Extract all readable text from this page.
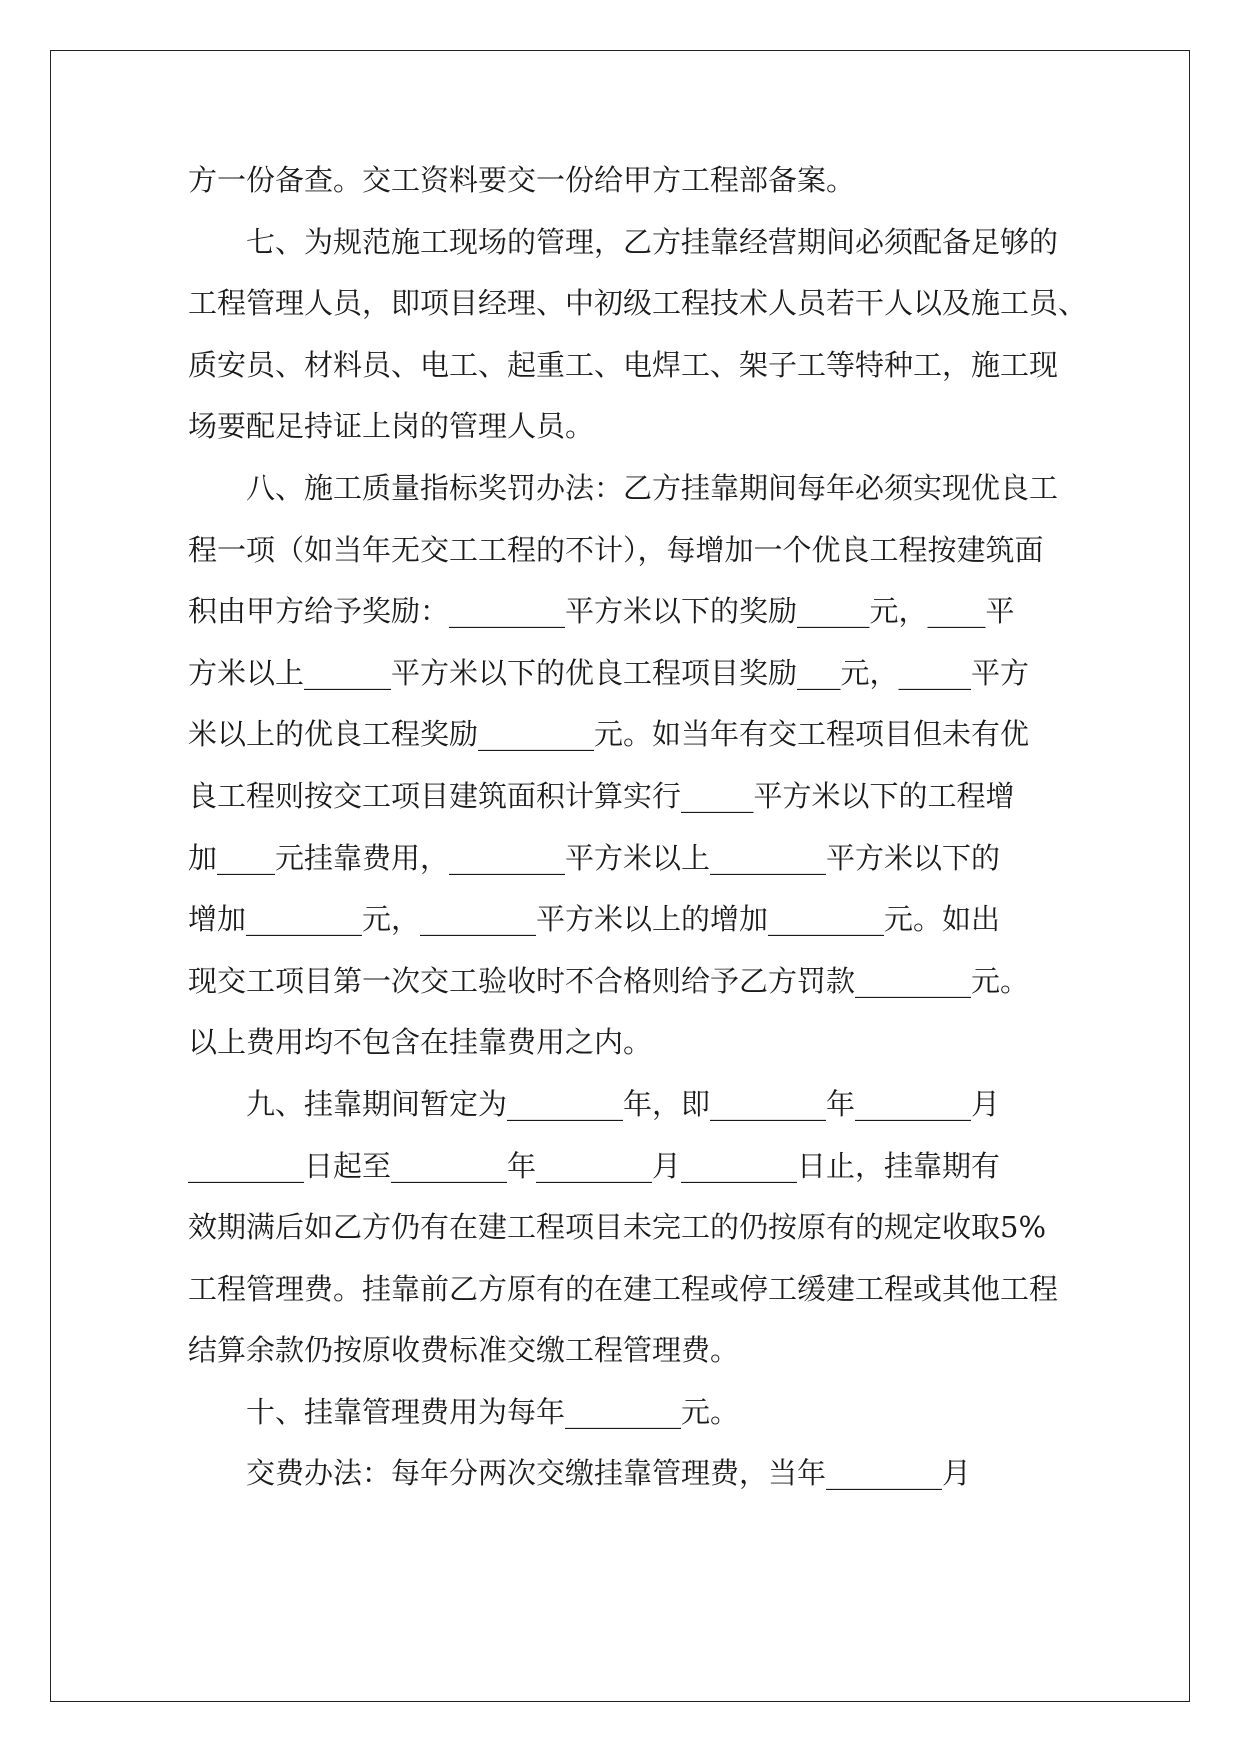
方一份备查。交工资料要交一份给甲方工程部备案。
　　七、为规范施工现场的管理，乙方挂靠经营期间必须配备足够的
工程管理人员，即项目经理、中初级工程技术人员若干人以及施工员、
质安员、材料员、电工、起重工、电焊工、架子工等特种工，施工现
场要配足持证上岗的管理人员。
　　八、施工质量指标奖罚办法：乙方挂靠期间每年必须实现优良工
程一项（如当年无交工工程的不计），每增加一个优良工程按建筑面
积由甲方给予奖励：________平方米以下的奖励_____元，____平
方米以上______平方米以下的优良工程项目奖励___元，_____平方
米以上的优良工程奖励________元。如当年有交工程项目但未有优
良工程则按交工项目建筑面积计算实行_____平方米以下的工程增
加____元挂靠费用，________平方米以上________平方米以下的
增加________元，________平方米以上的增加________元。如出
现交工项目第一次交工验收时不合格则给予乙方罚款________元。
以上费用均不包含在挂靠费用之内。
　　九、挂靠期间暂定为________年，即________年________月
________日起至________年________月________日止，挂靠期有
效期满后如乙方仍有在建工程项目未完工的仍按原有的规定收取5%
工程管理费。挂靠前乙方原有的在建工程或停工缓建工程或其他工程
结算余款仍按原收费标准交缴工程管理费。
　　十、挂靠管理费用为每年________元。
　　交费办法：每年分两次交缴挂靠管理费，当年________月
